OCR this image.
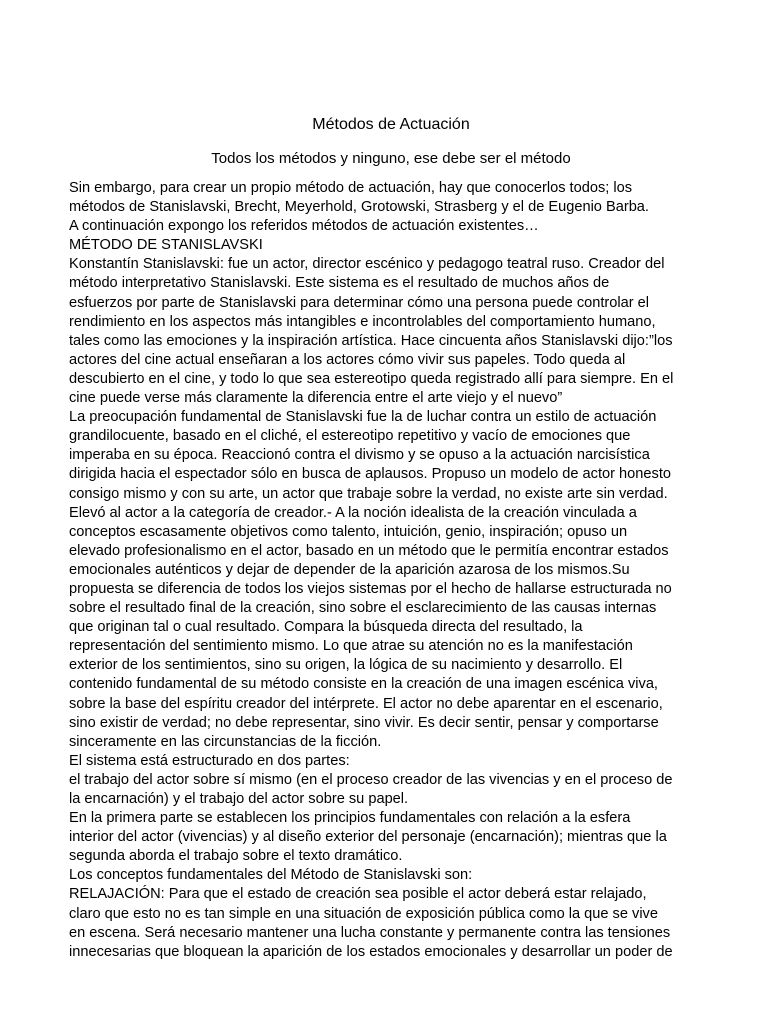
Métodos de Actuación
Todos los métodos y ninguno, ese debe ser el método
Sin embargo, para crear un propio método de actuación, hay que conocerlos todos; los
métodos de Stanislavski, Brecht, Meyerhold, Grotowski, Strasberg y el de Eugenio Barba.
A continuación expongo los referidos métodos de actuación existentes…
MÉTODO DE STANISLAVSKI
Konstantín Stanislavski: fue un actor, director escénico y pedagogo teatral ruso. Creador del
método interpretativo Stanislavski. Este sistema es el resultado de muchos años de
esfuerzos por parte de Stanislavski para determinar cómo una persona puede controlar el
rendimiento en los aspectos más intangibles e incontrolables del comportamiento humano,
tales como las emociones y la inspiración artística. Hace cincuenta años Stanislavski dijo:”los
actores del cine actual enseñaran a los actores cómo vivir sus papeles. Todo queda al
descubierto en el cine, y todo lo que sea estereotipo queda registrado allí para siempre. En el
cine puede verse más claramente la diferencia entre el arte viejo y el nuevo”
La preocupación fundamental de Stanislavski fue la de luchar contra un estilo de actuación
grandilocuente, basado en el cliché, el estereotipo repetitivo y vacío de emociones que
imperaba en su época. Reaccionó contra el divismo y se opuso a la actuación narcisística
dirigida hacia el espectador sólo en busca de aplausos. Propuso un modelo de actor honesto
consigo mismo y con su arte, un actor que trabaje sobre la verdad, no existe arte sin verdad.
Elevó al actor a la categoría de creador.- A la noción idealista de la creación vinculada a
conceptos escasamente objetivos como talento, intuición, genio, inspiración; opuso un
elevado profesionalismo en el actor, basado en un método que le permitía encontrar estados
emocionales auténticos y dejar de depender de la aparición azarosa de los mismos.Su
propuesta se diferencia de todos los viejos sistemas por el hecho de hallarse estructurada no
sobre el resultado final de la creación, sino sobre el esclarecimiento de las causas internas
que originan tal o cual resultado. Compara la búsqueda directa del resultado, la
representación del sentimiento mismo. Lo que atrae su atención no es la manifestación
exterior de los sentimientos, sino su origen, la lógica de su nacimiento y desarrollo. El
contenido fundamental de su método consiste en la creación de una imagen escénica viva,
sobre la base del espíritu creador del intérprete. El actor no debe aparentar en el escenario,
sino existir de verdad; no debe representar, sino vivir. Es decir sentir, pensar y comportarse
sinceramente en las circunstancias de la ficción.
El sistema está estructurado en dos partes:
el trabajo del actor sobre sí mismo (en el proceso creador de las vivencias y en el proceso de
la encarnación) y el trabajo del actor sobre su papel.
En la primera parte se establecen los principios fundamentales con relación a la esfera
interior del actor (vivencias) y al diseño exterior del personaje (encarnación); mientras que la
segunda aborda el trabajo sobre el texto dramático.
Los conceptos fundamentales del Método de Stanislavski son:
RELAJACIÓN: Para que el estado de creación sea posible el actor deberá estar relajado,
claro que esto no es tan simple en una situación de exposición pública como la que se vive
en escena. Será necesario mantener una lucha constante y permanente contra las tensiones
innecesarias que bloquean la aparición de los estados emocionales y desarrollar un poder de
